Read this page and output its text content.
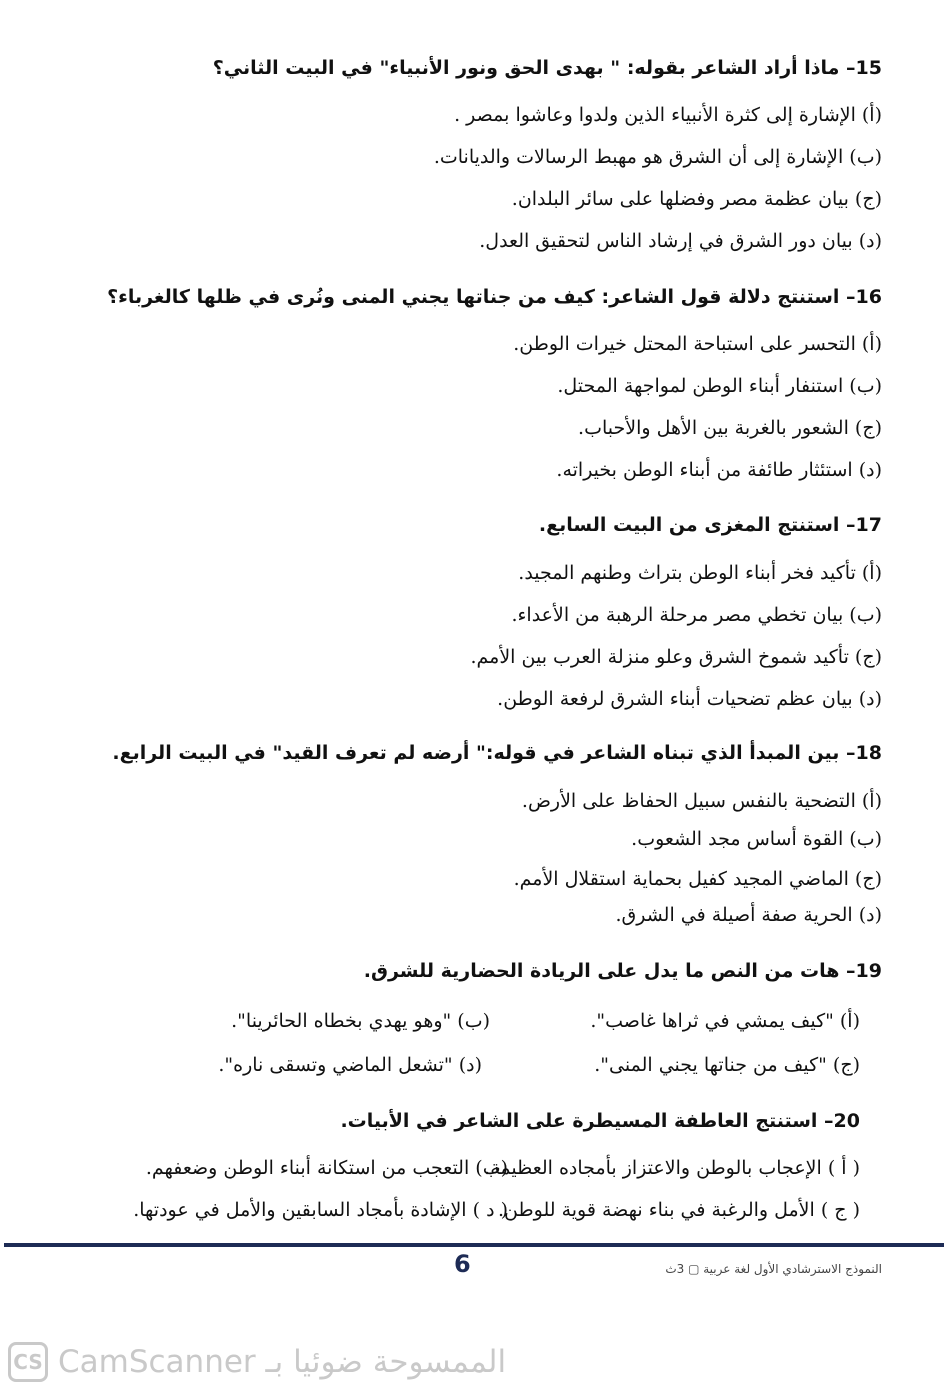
15– ماذا أراد الشاعر بقوله: " بهدى الحق ونور الأنبياء" في البيت الثاني؟
(أ) الإشارة إلى كثرة الأنبياء الذين ولدوا وعاشوا بمصر .
(ب) الإشارة إلى أن الشرق هو مهبط الرسالات والديانات.
(ج) بيان عظمة مصر وفضلها على سائر البلدان.
(د) بيان دور الشرق في إرشاد الناس لتحقيق العدل.
16– استنتج دلالة قول الشاعر: كيف من جناتها يجني المنى ونُرى في ظلها كالغرباء؟
(أ) التحسر على استباحة المحتل خيرات الوطن.
(ب) استنفار أبناء الوطن لمواجهة المحتل.
(ج) الشعور بالغربة بين الأهل والأحباب.
(د) استئثار طائفة من أبناء الوطن بخيراته.
17– استنتج المغزى من البيت السابع.
(أ) تأكيد فخر أبناء الوطن بتراث وطنهم المجيد.
(ب) بيان تخطي مصر مرحلة الرهبة من الأعداء.
(ج) تأكيد شموخ الشرق وعلو منزلة العرب بين الأمم.
(د) بيان عظم تضحيات أبناء الشرق لرفعة الوطن.
18– بين المبدأ الذي تبناه الشاعر في قوله:" أرضه لم تعرف القيد" في البيت الرابع.
(أ) التضحية بالنفس سبيل الحفاظ على الأرض.
(ب) القوة أساس مجد الشعوب.
(ج) الماضي المجيد كفيل بحماية استقلال الأمم.
(د) الحرية صفة أصيلة في الشرق.
19– هات من النص ما يدل على الريادة الحضارية للشرق.
(أ) "كيف يمشي في ثراها غاصب".
(ب) "وهو يهدي بخطاه الحائرينا".
(ج) "كيف من جناتها يجني المنى".
(د) "تشعل الماضي وتسقى ناره".
20– استنتج العاطفة المسيطرة على الشاعر في الأبيات.
( أ ) الإعجاب بالوطن والاعتزاز بأمجاده العظيمة.
(ب) التعجب من استكانة أبناء الوطن وضعفهم.
( ج ) الأمل والرغبة في بناء نهضة قوية للوطن.
( د ) الإشادة بأمجاد السابقين والأمل في عودتها.
6	النموذج الاسترشادي الأول لغة عربية ▢ 3ث
CS الممسوحة ضوئيا بـ CamScanner
